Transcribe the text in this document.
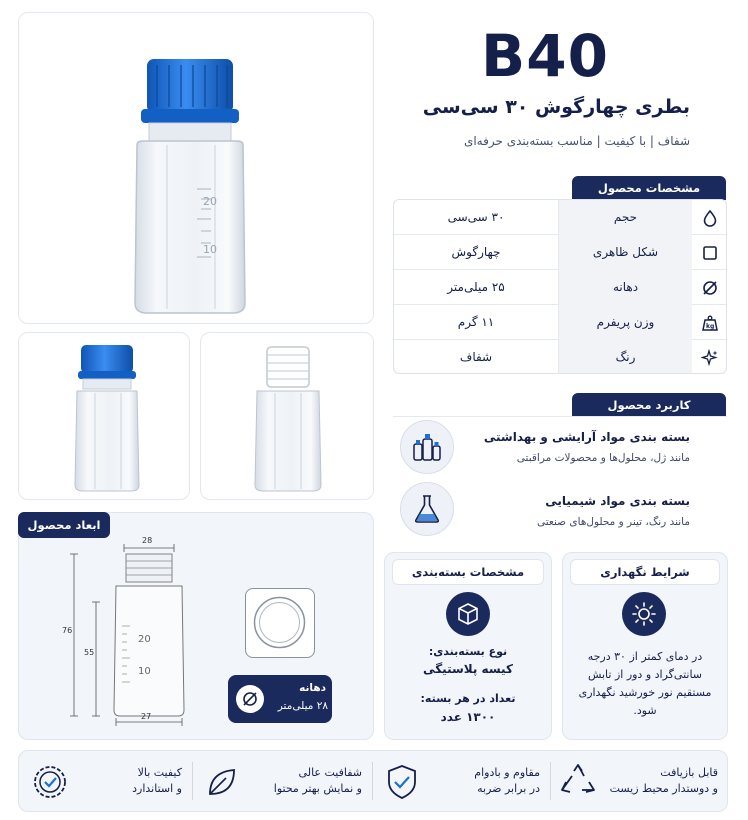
20
10
B40
بطری چهارگوش ۳۰ سی‌سی
شفاف | با کیفیت | مناسب بسته‌بندی حرفه‌ای
مشخصات محصول
۳۰ سی‌سی	حجم
چهارگوش	شکل ظاهری
۲۵ میلی‌متر	دهانه
۱۱ گرم	وزن پریفرم	kg
شفاف	رنگ
کاربرد محصول
بسته بندی مواد آرایشی و بهداشتی
مانند ژل، محلول‌ها و محصولات مراقبتی
بسته بندی مواد شیمیایی
مانند رنگ، تینر و محلول‌های صنعتی
ابعاد محصول
28
27
76
55
20
10
دهانه
۲۸ میلی‌متر
مشخصات بسته‌بندی
نوع بسته‌بندی:
کیسه پلاستیگی
تعداد در هر بسته:
۱۳۰۰ عدد
شرایط نگهداری
در دمای کمتر از ۳۰ درجه سانتی‌گراد و دور از تابش مستقیم نور خورشید نگهداری شود.
قابل بازیافت
و دوستدار محیط زیست
مقاوم و بادوام
در برابر ضربه
شفافیت عالی
و نمایش بهتر محتوا
کیفیت بالا
و استاندارد
